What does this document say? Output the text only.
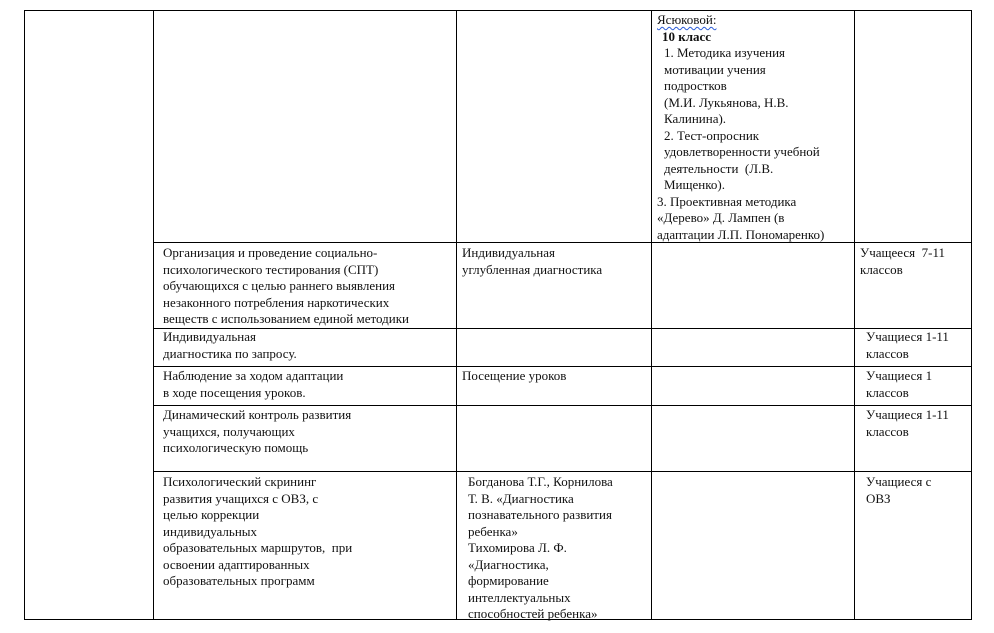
Ясюковой:
10 класс
1. Методика изучения
мотивации учения
подростков
(М.И. Лукьянова, Н.В.
Калинина).
2. Тест-опросник
удовлетворенности учебной
деятельности  (Л.В.
Мищенко).
3. Проективная методика
«Дерево» Д. Лампен (в
адаптации Л.П. Пономаренко)
Организация и проведение социально-
психологического тестирования (СПТ)
обучающихся с целью раннего выявления
незаконного потребления наркотических
веществ с использованием единой методики
Индивидуальная
углубленная диагностика
Учащееся  7-11
классов
Индивидуальная
диагностика по запросу.
Учащиеся 1-11
классов
Наблюдение за ходом адаптации
в ходе посещения уроков.
Посещение уроков	Учащиеся 1
классов
Динамический контроль развития
учащихся, получающих
психологическую помощь
Учащиеся 1-11
классов
Психологический скрининг
развития учащихся с ОВЗ, с
целью коррекции
индивидуальных
образовательных маршрутов,  при
освоении адаптированных
образовательных программ
Богданова Т.Г., Корнилова
Т. В. «Диагностика
познавательного развития
ребенка»
Тихомирова Л. Ф.
«Диагностика,
формирование
интеллектуальных
способностей ребенка»
Учащиеся с
ОВЗ
